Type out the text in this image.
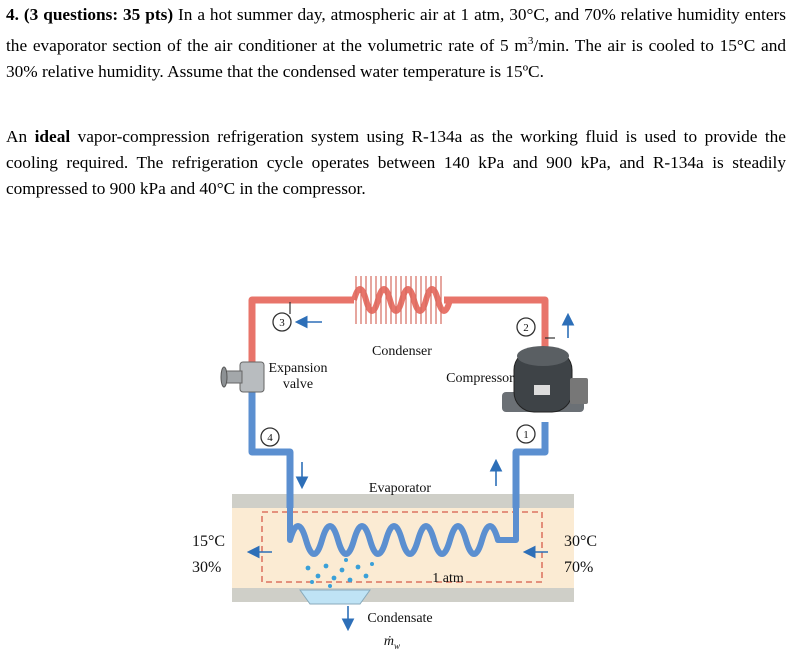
4. (3 questions: 35 pts) In a hot summer day, atmospheric air at 1 atm, 30°C, and 70% relative humidity enters the evaporator section of the air conditioner at the volumetric rate of 5 $m^3/\min$. The air is cooled to 15°C and 30% relative humidity. Assume that the condensed water temperature is 15ºC.
An ideal vapor-compression refrigeration system using R-134a as the working fluid is used to provide the cooling required. The refrigeration cycle operates between 140 kPa and 900 kPa, and R-134a is steadily compressed to 900 kPa and 40°C in the compressor.
3	2
4	1
Condenser
Expansion
valve	Compressor
Evaporator
1 atm
Condensate
ṁ$_w$
15°C
30%
30°C
70%
